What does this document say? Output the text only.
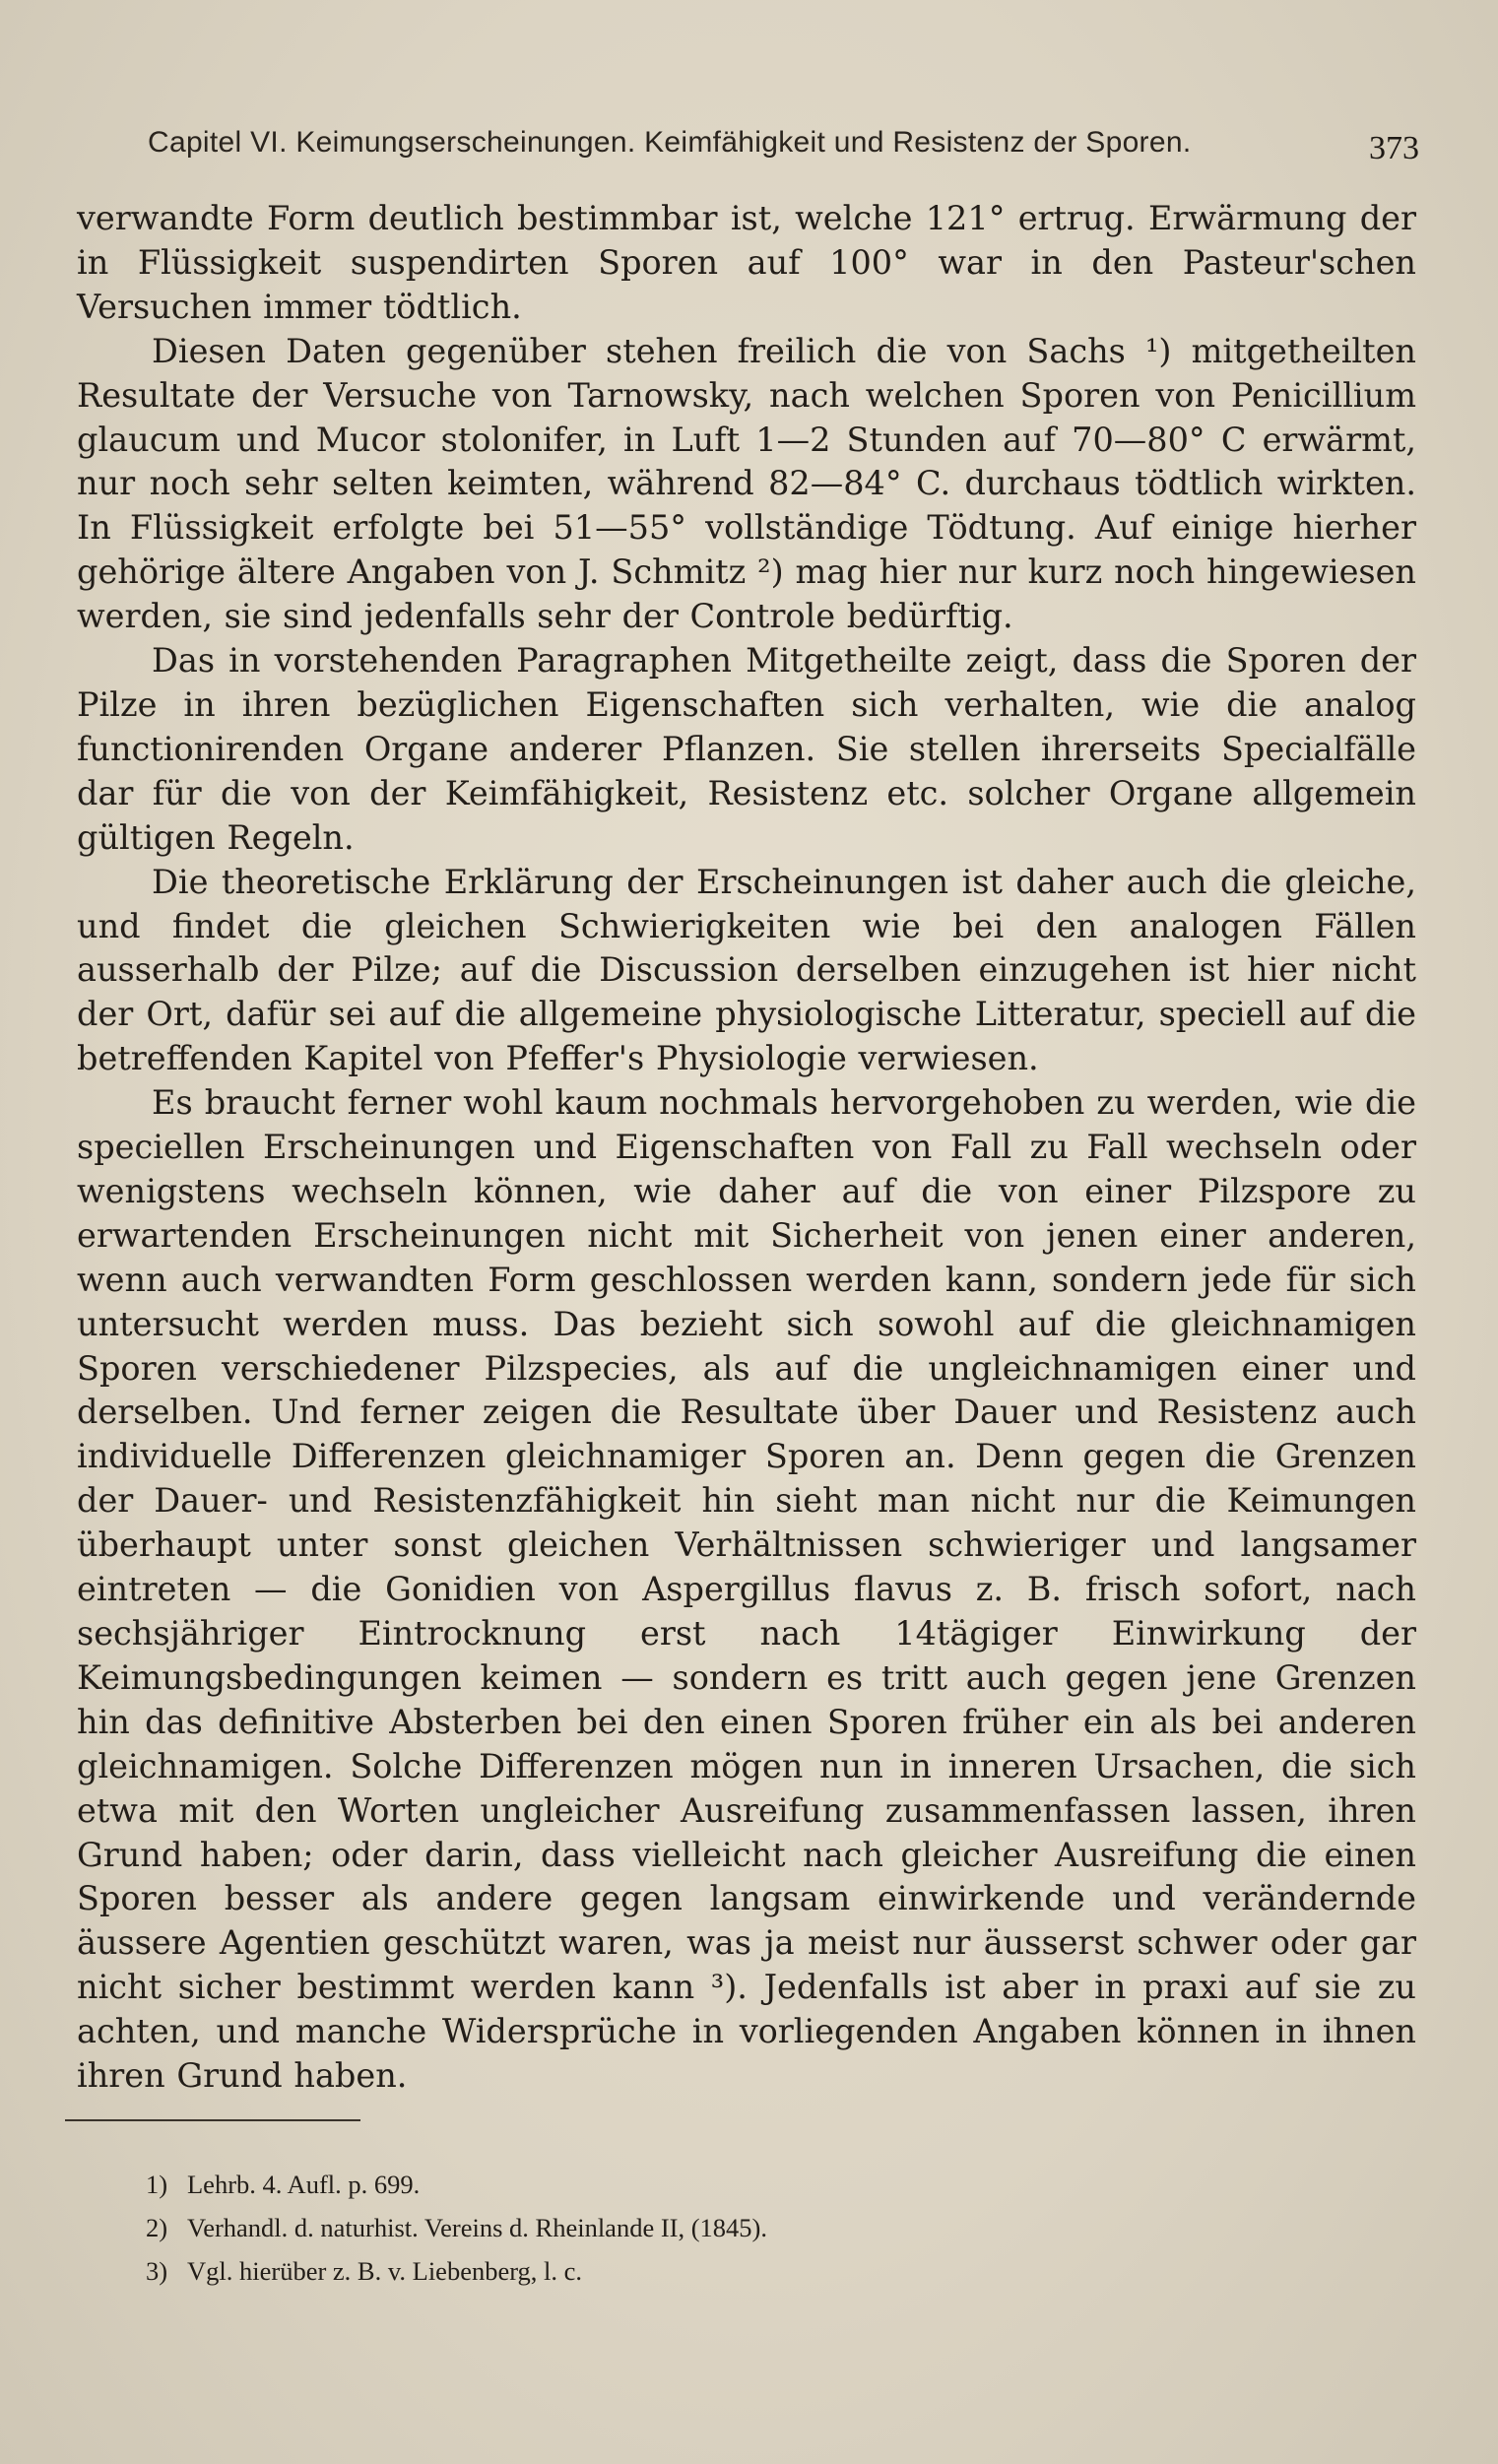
Capitel VI. Keimungserscheinungen. Keimfähigkeit und Resistenz der Sporen.	373

verwandte Form deutlich bestimmbar ist, welche 121° ertrug. Erwärmung der in Flüssigkeit suspendirten Sporen auf 100° war in den Pasteur'schen Versuchen immer tödtlich.

Diesen Daten gegenüber stehen freilich die von Sachs ¹) mitgetheilten Resultate der Versuche von Tarnowsky, nach welchen Sporen von Penicillium glaucum und Mucor stolonifer, in Luft 1—2 Stunden auf 70—80° C erwärmt, nur noch sehr selten keimten, während 82—84° C. durchaus tödtlich wirkten. In Flüssigkeit erfolgte bei 51—55° vollständige Tödtung. Auf einige hierher gehörige ältere Angaben von J. Schmitz ²) mag hier nur kurz noch hingewiesen werden, sie sind jedenfalls sehr der Controle bedürftig.

Das in vorstehenden Paragraphen Mitgetheilte zeigt, dass die Sporen der Pilze in ihren bezüglichen Eigenschaften sich verhalten, wie die analog functionirenden Organe anderer Pflanzen. Sie stellen ihrerseits Specialfälle dar für die von der Keimfähigkeit, Resistenz etc. solcher Organe allgemein gültigen Regeln.

Die theoretische Erklärung der Erscheinungen ist daher auch die gleiche, und findet die gleichen Schwierigkeiten wie bei den analogen Fällen ausserhalb der Pilze; auf die Discussion derselben einzugehen ist hier nicht der Ort, dafür sei auf die allgemeine physiologische Litteratur, speciell auf die betreffenden Kapitel von Pfeffer's Physiologie verwiesen.

Es braucht ferner wohl kaum nochmals hervorgehoben zu werden, wie die speciellen Erscheinungen und Eigenschaften von Fall zu Fall wechseln oder wenigstens wechseln können, wie daher auf die von einer Pilzspore zu erwartenden Erscheinungen nicht mit Sicherheit von jenen einer anderen, wenn auch verwandten Form geschlossen werden kann, sondern jede für sich untersucht werden muss. Das bezieht sich sowohl auf die gleichnamigen Sporen verschiedener Pilzspecies, als auf die ungleichnamigen einer und derselben. Und ferner zeigen die Resultate über Dauer und Resistenz auch individuelle Differenzen gleichnamiger Sporen an. Denn gegen die Grenzen der Dauer- und Resistenzfähigkeit hin sieht man nicht nur die Keimungen überhaupt unter sonst gleichen Verhältnissen schwieriger und langsamer eintreten — die Gonidien von Aspergillus flavus z. B. frisch sofort, nach sechsjähriger Eintrocknung erst nach 14tägiger Einwirkung der Keimungsbedingungen keimen — sondern es tritt auch gegen jene Grenzen hin das definitive Absterben bei den einen Sporen früher ein als bei anderen gleichnamigen. Solche Differenzen mögen nun in inneren Ursachen, die sich etwa mit den Worten ungleicher Ausreifung zusammenfassen lassen, ihren Grund haben; oder darin, dass vielleicht nach gleicher Ausreifung die einen Sporen besser als andere gegen langsam einwirkende und verändernde äussere Agentien geschützt waren, was ja meist nur äusserst schwer oder gar nicht sicher bestimmt werden kann ³). Jedenfalls ist aber in praxi auf sie zu achten, und manche Widersprüche in vorliegenden Angaben können in ihnen ihren Grund haben.

1) Lehrb. 4. Aufl. p. 699.
2) Verhandl. d. naturhist. Vereins d. Rheinlande II, (1845).
3) Vgl. hierüber z. B. v. Liebenberg, l. c.
